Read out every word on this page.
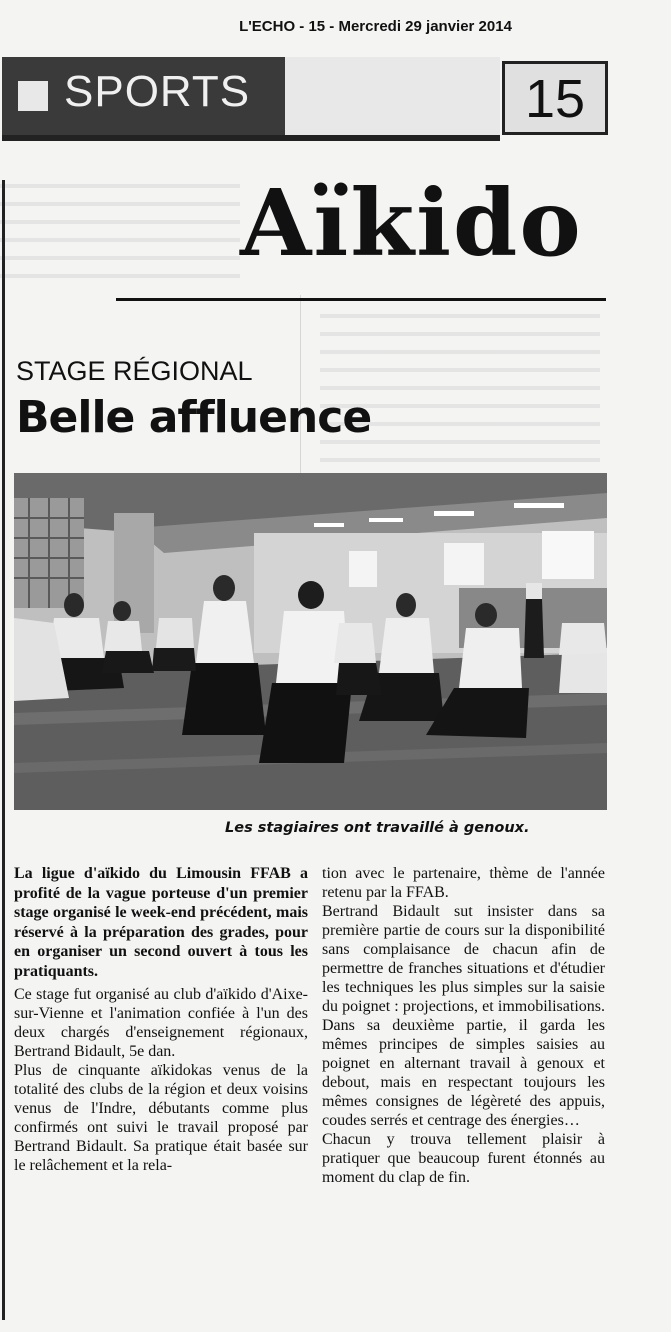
L'ECHO - 15 - Mercredi 29 janvier 2014
SPORTS	15
Aïkido
STAGE RÉGIONAL
Belle affluence
Les stagiaires ont travaillé à genoux.

La ligue d'aïkido du Limousin FFAB a profité de la vague porteuse d'un premier stage organisé le week-end précédent, mais réservé à la préparation des grades, pour en organiser un second ouvert à tous les pratiquants.

Ce stage fut organisé au club d'aïkido d'Aixe-sur-Vienne et l'animation confiée à l'un des deux chargés d'enseignement régionaux, Bertrand Bidault, 5e dan.

Plus de cinquante aïkidokas venus de la totalité des clubs de la région et deux voisins venus de l'Indre, débutants comme plus confirmés ont suivi le travail proposé par Bertrand Bidault. Sa pratique était basée sur le relâchement et la rela-

tion avec le partenaire, thème de l'année retenu par la FFAB.

Bertrand Bidault sut insister dans sa première partie de cours sur la disponibilité sans complaisance de chacun afin de permettre de franches situations et d'étudier les techniques les plus simples sur la saisie du poignet : projections, et immobilisations. Dans sa deuxième partie, il garda les mêmes principes de simples saisies au poignet en alternant travail à genoux et debout, mais en respectant toujours les mêmes consignes de légèreté des appuis, coudes serrés et centrage des énergies…

Chacun y trouva tellement plaisir à pratiquer que beaucoup furent étonnés au moment du clap de fin.
